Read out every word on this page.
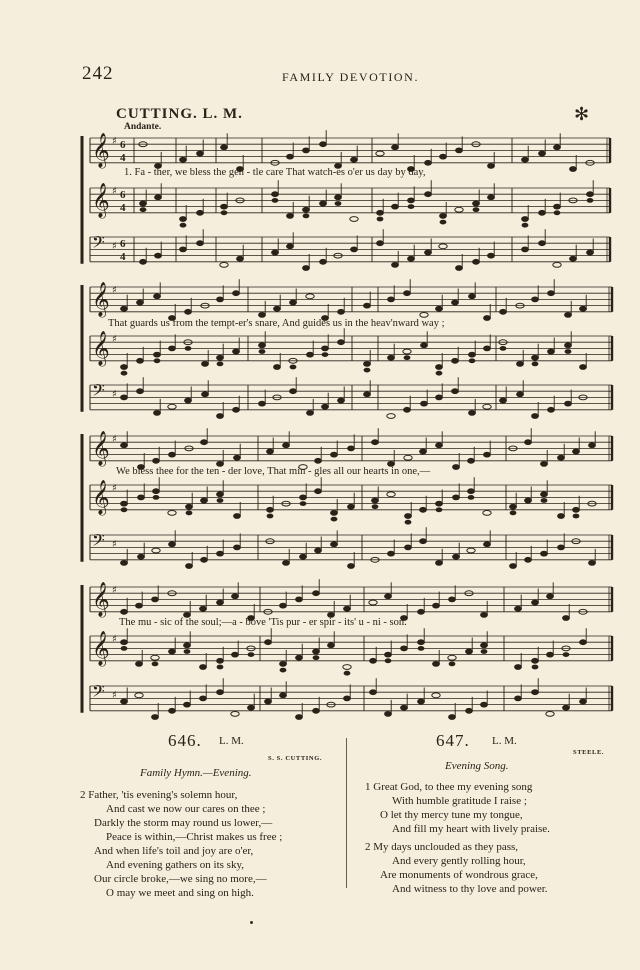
242	FAMILY DEVOTION.
CUTTING. L. M.
Andante.
✻
𝄞 ♯
𝄞 ♯
𝄢 ♯
6
4
6
4
6
4
𝄞 ♯
𝄞 ♯
𝄢 ♯
𝄞 ♯
𝄞 ♯
𝄢 ♯
𝄞 ♯
𝄞 ♯
𝄢 ♯
1. Fa - ther, we bless the gen - tle care That watch-es o'er us day by day,
That guards us from the tempt-er's snare, And guides us in the heav'nward way ;
We bless thee for the ten - der love, That min - gles all our hearts in one,—
The mu - sic of the soul;—a - bove 'Tis pur - er spir - its' u - ni - son.
646. L. M.
S. S. CUTTING.
Family Hymn.—Evening.
2 Father, 'tis evening's solemn hour,
And cast we now our cares on thee ;
Darkly the storm may round us lower,—
Peace is within,—Christ makes us free ;
And when life's toil and joy are o'er,
And evening gathers on its sky,
Our circle broke,—we sing no more,—
O may we meet and sing on high.
647. L. M.
STEELE.
Evening Song.
1 Great God, to thee my evening song
With humble gratitude I raise ;
O let thy mercy tune my tongue,
And fill my heart with lively praise.
2 My days unclouded as they pass,
And every gently rolling hour,
Are monuments of wondrous grace,
And witness to thy love and power.
